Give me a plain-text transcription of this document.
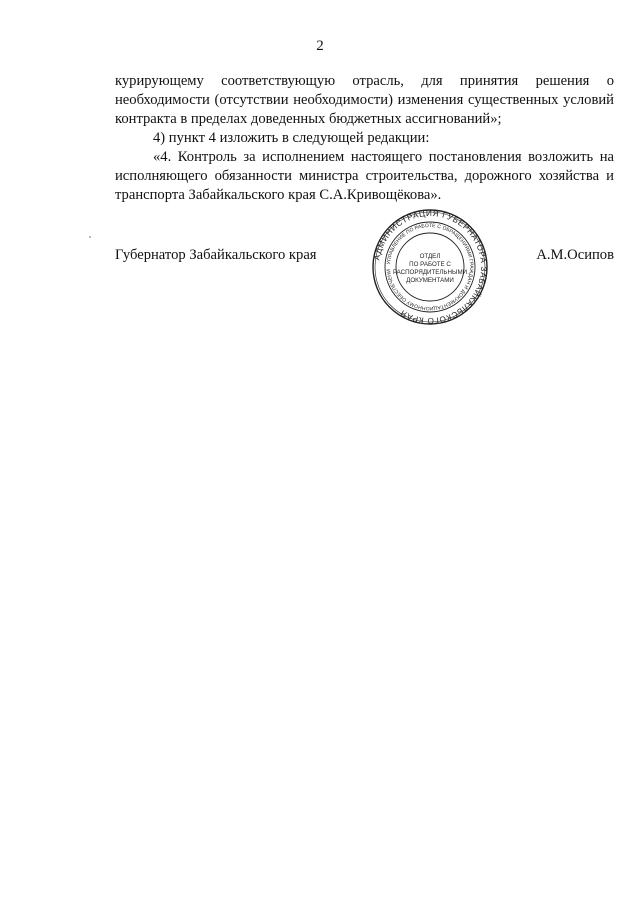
2

курирующему соответствующую отрасль, для принятия решения о необходимости (отсутствии необходимости) изменения существенных условий контракта в пределах доведенных бюджетных ассигнований»;

4) пункт 4 изложить в следующей редакции:

«4. Контроль за исполнением настоящего постановления возложить на исполняющего обязанности министра строительства, дорожного хозяйства и транспорта Забайкальского края С.А.Кривощёкова».

Губернатор Забайкальского края	А.М.Осипов
АДМИНИСТРАЦИЯ ГУБЕРНАТОРА ЗАБАЙКАЛЬСКОГО КРАЯ
УПРАВЛЕНИЕ ПО РАБОТЕ С ОБРАЩЕНИЯМИ ГРАЖДАН И ДОКУМЕНТАЦИОННОМУ ОБЕСПЕЧЕНИ
ОТДЕЛ
ПО РАБОТЕ С
РАСПОРЯДИТЕЛЬНЫМИ
ДОКУМЕНТАМИ
